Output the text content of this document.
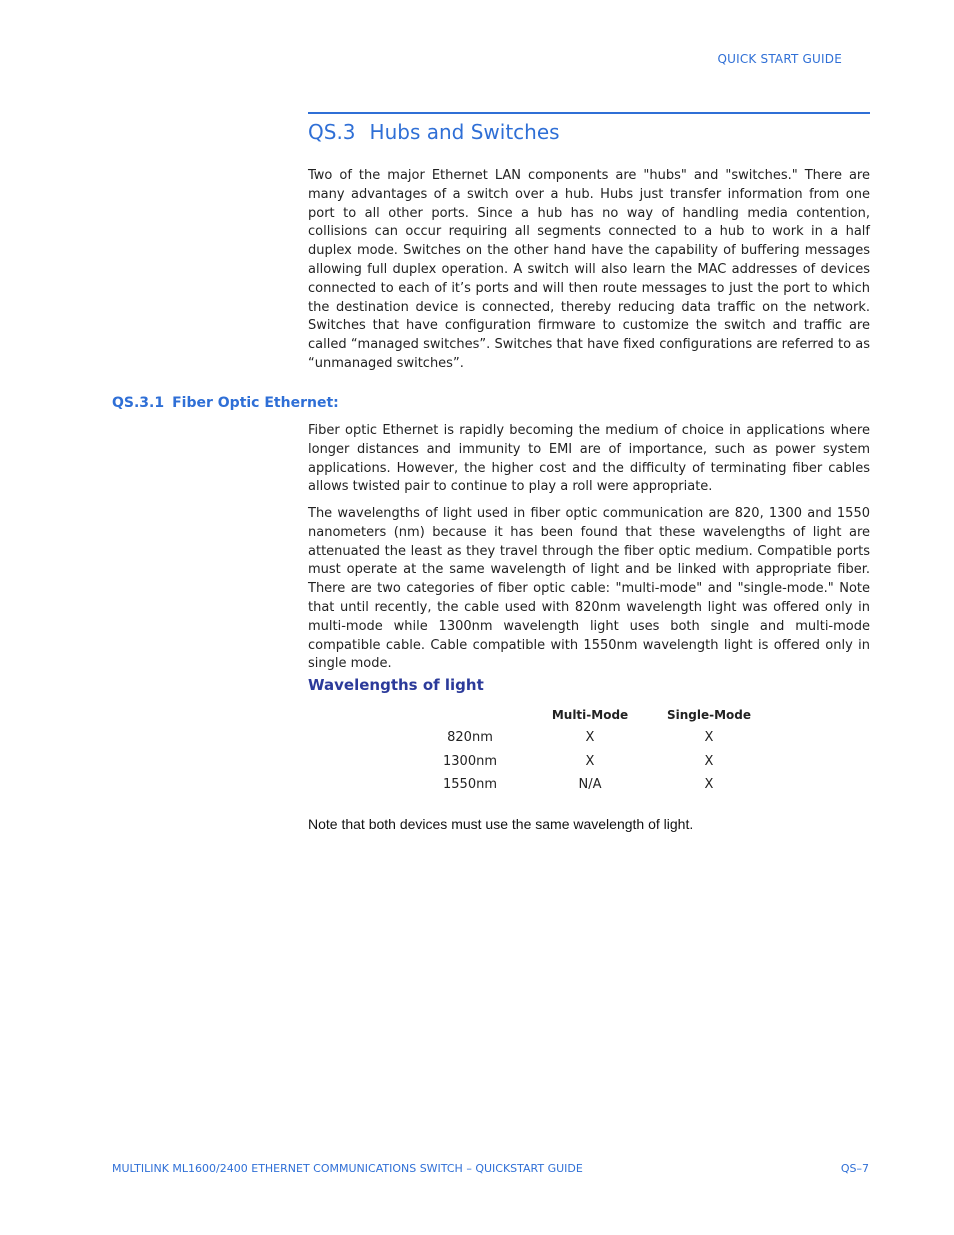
QUICK START GUIDE
QS.3 Hubs and Switches

Two of the major Ethernet LAN components are "hubs" and "switches." There are many advantages of a switch over a hub. Hubs just transfer information from one port to all other ports. Since a hub has no way of handling media contention, collisions can occur requiring all segments connected to a hub to work in a half duplex mode. Switches on the other hand have the capability of buffering messages allowing full duplex operation. A switch will also learn the MAC addresses of devices connected to each of it’s ports and will then route messages to just the port to which the destination device is connected, thereby reducing data traffic on the network. Switches that have configuration firmware to customize the switch and traffic are called “managed switches”. Switches that have fixed configurations are referred to as “unmanaged switches”.

QS.3.1 Fiber Optic Ethernet:

Fiber optic Ethernet is rapidly becoming the medium of choice in applications where longer distances and immunity to EMI are of importance, such as power system applications. However, the higher cost and the difficulty of terminating fiber cables allows twisted pair to continue to play a roll were appropriate.

The wavelengths of light used in fiber optic communication are 820, 1300 and 1550 nanometers (nm) because it has been found that these wavelengths of light are attenuated the least as they travel through the fiber optic medium. Compatible ports must operate at the same wavelength of light and be linked with appropriate fiber. There are two categories of fiber optic cable: "multi-mode" and "single-mode." Note that until recently, the cable used with 820nm wavelength light was offered only in multi-mode while 1300nm wavelength light uses both single and multi-mode compatible cable. Cable compatible with 1550nm wavelength light is offered only in single mode.

Wavelengths of light
	Multi-Mode	Single-Mode
820nm	X	X
1300nm	X	X
1550nm	N/A	X

Note that both devices must use the same wavelength of light.

MULTILINK ML1600/2400 ETHERNET COMMUNICATIONS SWITCH – QUICKSTART GUIDE	QS–7
